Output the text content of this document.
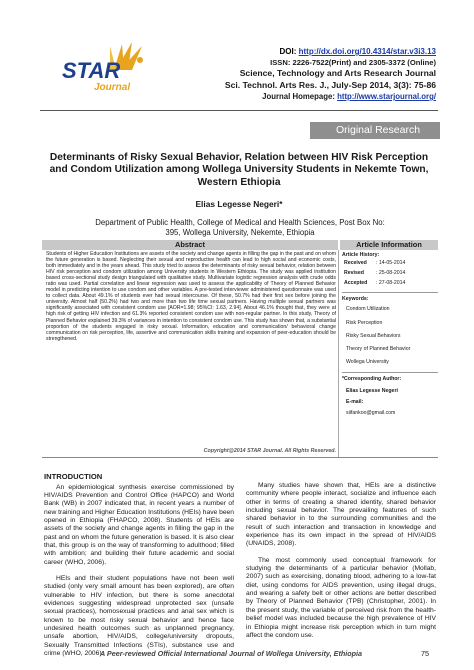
STAR
Journal
DOI: http://dx.doi.org/10.4314/star.v3i3.13
ISSN: 2226-7522(Print) and 2305-3372 (Online)
Science, Technology and Arts Research Journal
Sci. Technol. Arts Res. J., July-Sep 2014, 3(3): 75-86
Journal Homepage: http://www.starjournal.org/
Original Research
Determinants of Risky Sexual Behavior, Relation between HIV Risk Perception and Condom Utilization among Wollega University Students in Nekemte Town, Western Ethiopia
Elias Legesse Negeri*
Department of Public Health, College of Medical and Health Sciences, Post Box No: 395, Wollega University, Nekemte, Ethiopia
Abstract	Article Information

Students of Higher Education Institutions are assets of the society and change agents in filling the gap in the past and on whom the future generation is based. Neglecting their sexual and reproductive health can lead to high social and economic costs, both immediately and in the years ahead. This study tried to assess the determinants of risky sexual behavior, relation between HIV risk perception and condom utilization among University students in Western Ethiopia. The study was applied institution based cross-sectional study design triangulated with qualitative study. Multivariate logistic regression analysis with crude odds ratio was used. Partial correlation and linear regression was used to assess the applicability of Theory of Planned Behavior model in predicting intention to use condom and other variables. A pre-tested interviewer administered questionnaire was used to collect data. About 49.1% of students ever had sexual intercourse. Of these, 50.7% had their first sex before joining the university. Almost half (50.2%) had two and more than two life time sexual partners. Having multiple sexual partners was significantly associated with consistent condom use [AOR=1.98; 95%CI: 1.63, 2.94]. About 46.1% thought that, they were at high risk of getting HIV infection and 61.3% reported consistent condom use with non-regular partner. In this study, Theory of Planned Behavior explained 39.3% of variances in intention to consistent condom use. This study has shown that, a substantial proportion of the students engaged in risky sexual. Information, education and communication/ behavioral change communication on risk perception, life, assertive and communication skills training and expansion of peer-education should be strengthened.

Copyright@2014 STAR Journal. All Rights Reserved.
Article History:
Received : 14-05-2014
Revised : 25-08-2014
Accepted : 27-08-2014
Keywords:
Condom Utilization
Risk Perception
Risky Sexual Behaviors
Theory of Planned Behavior
Wollega University
*Corresponding Author:
Elias Legesse Negeri
E-mail:
siifankoo@gmail.com
INTRODUCTION

An epidemiological synthesis exercise commissioned by HIV/AIDS Prevention and Control Office (HAPCO) and World Bank (WB) in 2007 indicated that, in recent years a number of new training and Higher Education Institutions (HEIs) have been opened in Ethiopia (FHAPCO, 2008). Students of HEIs are assets of the society and change agents in filling the gap in the past and on whom the future generation is based. It is also clear that, this group is on the way of transforming to adulthood; filled with ambition; and building their future academic and social career (WHO, 2006).

HEIs and their student populations have not been well studied (only very small amount has been explored), are often vulnerable to HIV infection, but there is some anecdotal evidences suggesting widespread unprotected sex (unsafe sexual practices), homosexual practices and anal sex which is known to be most risky sexual behavior and hence face undesired health outcomes such as unplanned pregnancy, unsafe abortion, HIV/AIDS, college/university dropouts, Sexually Transmitted Infections (STIs), substance use and crime (WHO, 2006).

Many studies have shown that, HEIs are a distinctive community where people interact, socialize and influence each other in terms of creating a shared identity, shared behavior including sexual behavior. The prevailing features of such shared behavior in to the surrounding communities and the result of such interaction and transaction in knowledge and experience has its own impact in the spread of HIV/AIDS (UNAIDS, 2008).

The most commonly used conceptual framework for studying the determinants of a particular behavior (Mollab, 2007) such as exercising, donating blood, adhering to a low-fat diet, using condoms for AIDS prevention, using illegal drugs, and wearing a safety belt or other actions are better described by Theory of Planned Behavior (TPB) (Christopher, 2001). In the present study, the variable of perceived risk from the health-belief model was included because the high prevalence of HIV in Ethiopia might increase risk perception which in turn might affect the condom use.

A Peer-reviewed Official International Journal of Wollega University, Ethiopia	75
